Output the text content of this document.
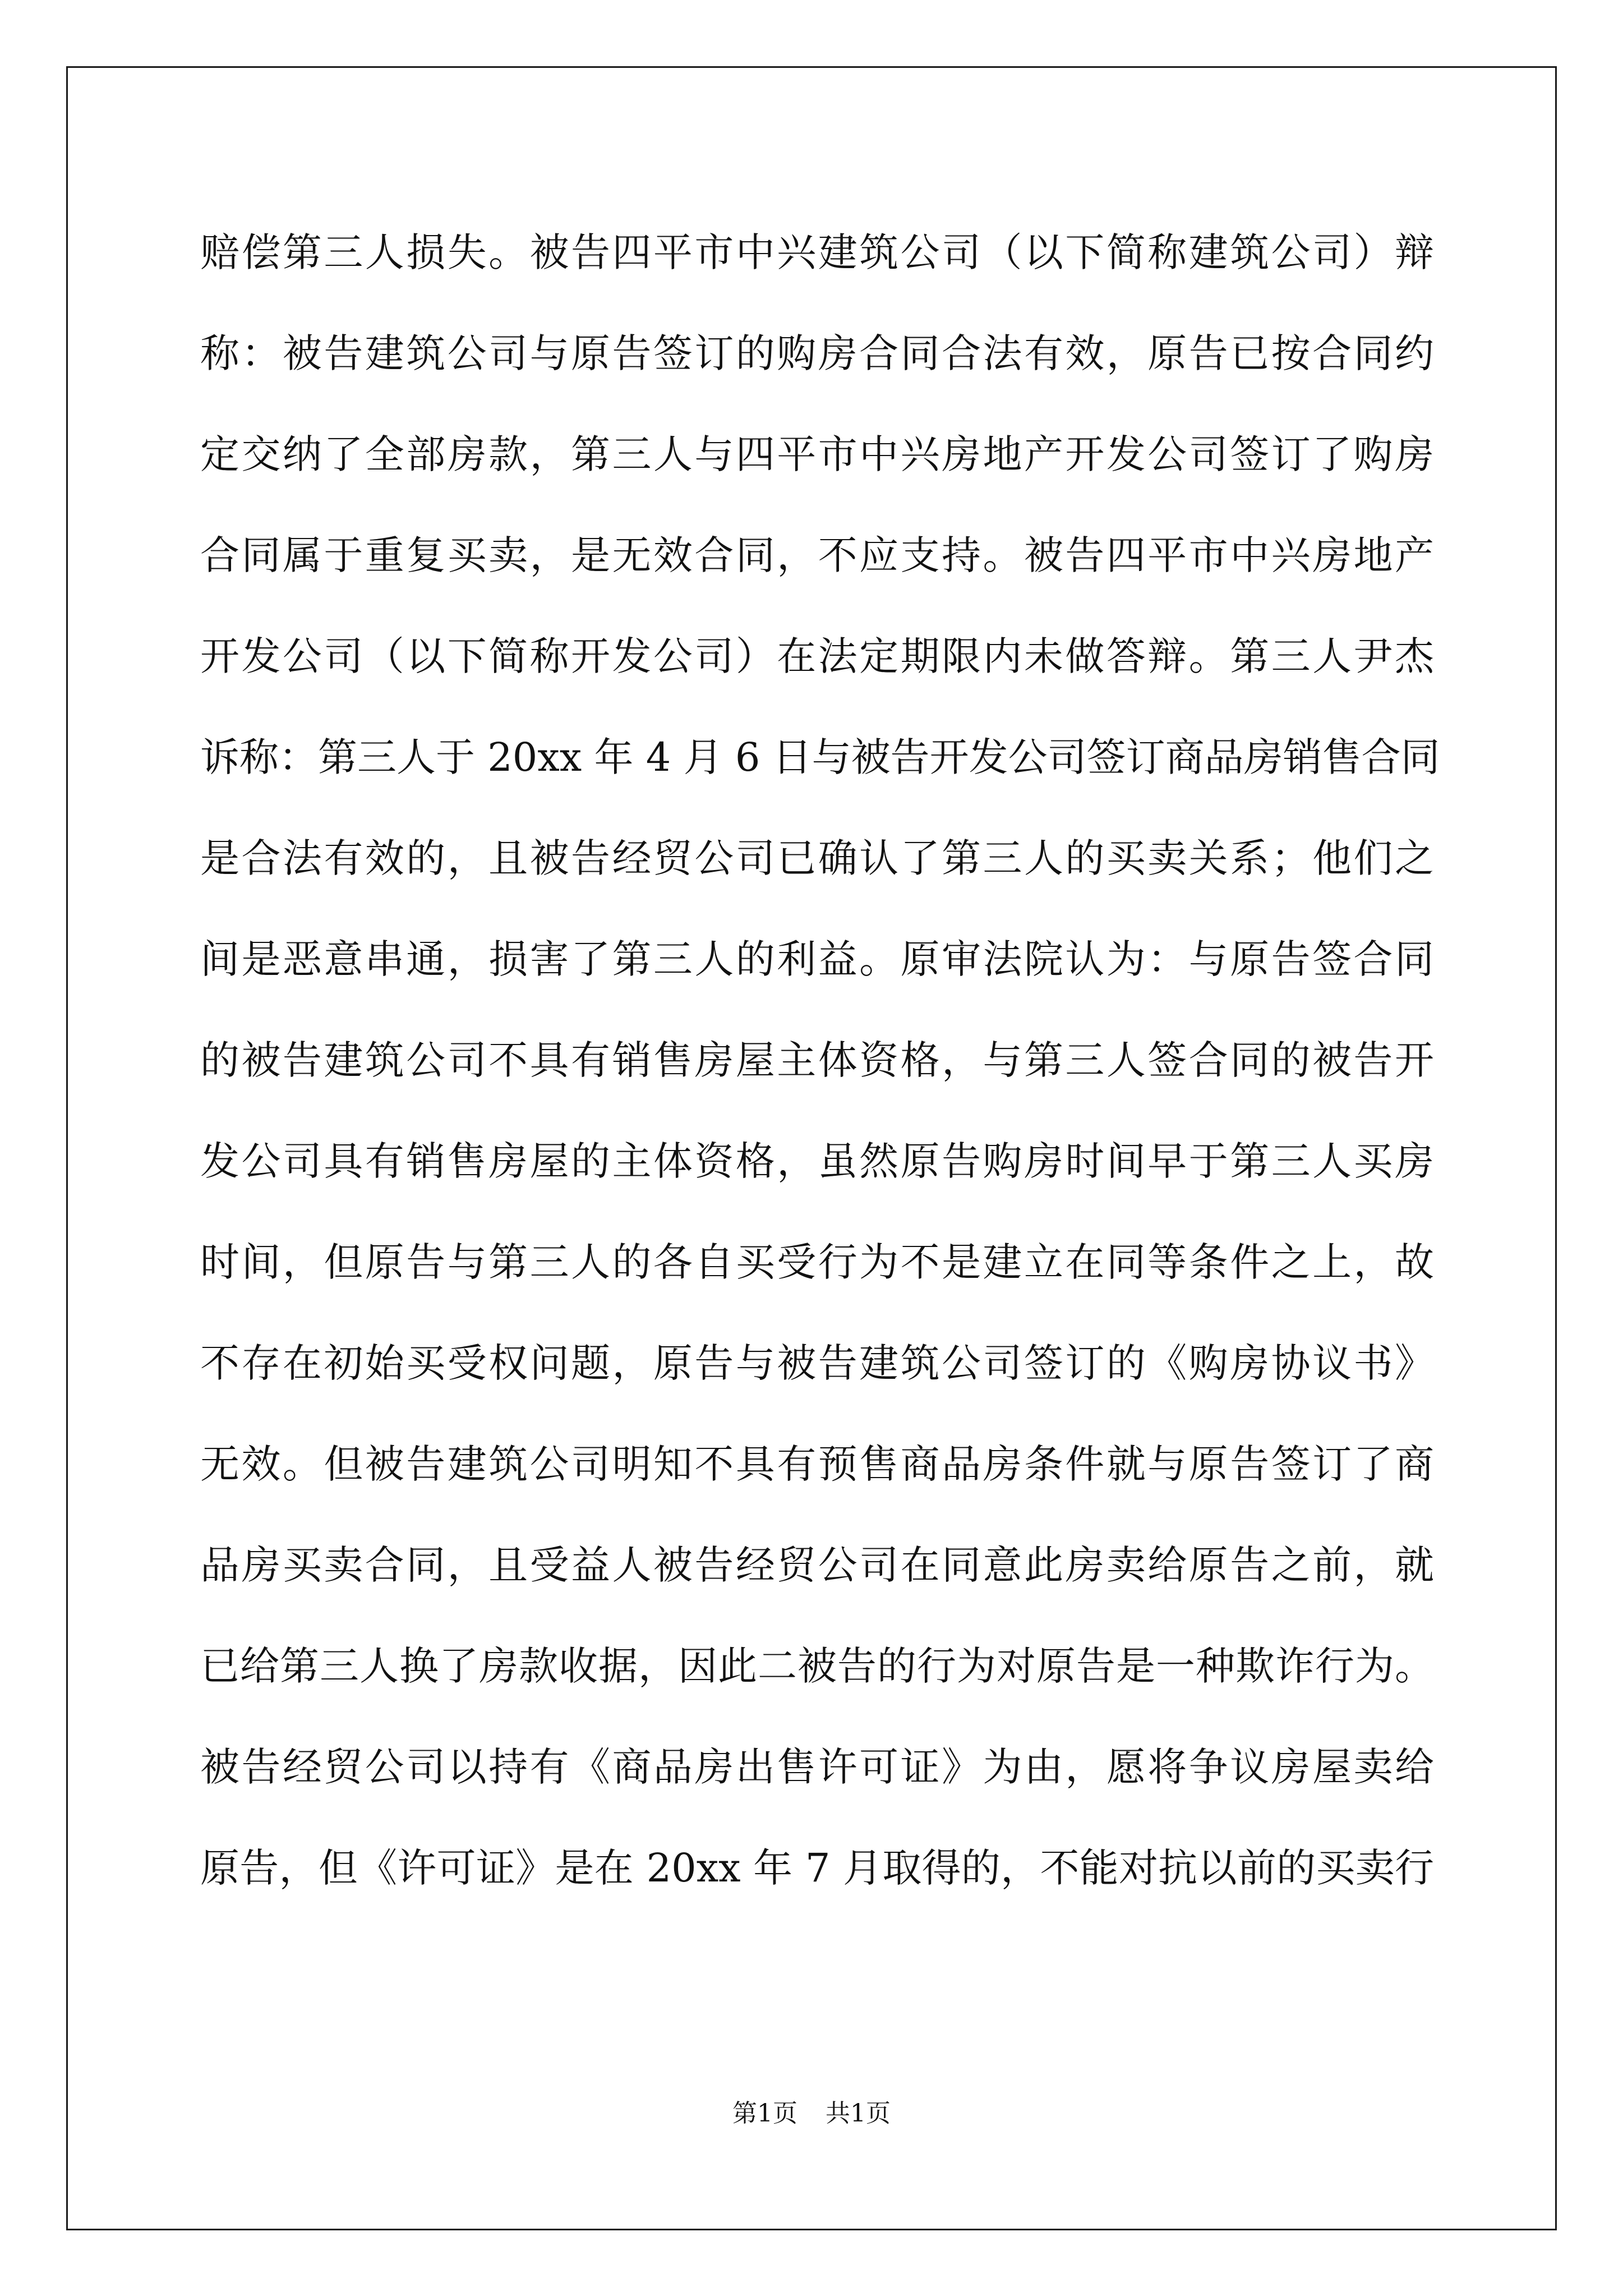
赔偿第三人损失。被告四平市中兴建筑公司（以下简称建筑公司）辩
称：被告建筑公司与原告签订的购房合同合法有效，原告已按合同约
定交纳了全部房款，第三人与四平市中兴房地产开发公司签订了购房
合同属于重复买卖，是无效合同，不应支持。被告四平市中兴房地产
开发公司（以下简称开发公司）在法定期限内未做答辩。第三人尹杰
诉称：第三人于 20xx 年 4 月 6 日与被告开发公司签订商品房销售合同
是合法有效的，且被告经贸公司已确认了第三人的买卖关系；他们之
间是恶意串通，损害了第三人的利益。原审法院认为：与原告签合同
的被告建筑公司不具有销售房屋主体资格，与第三人签合同的被告开
发公司具有销售房屋的主体资格，虽然原告购房时间早于第三人买房
时间，但原告与第三人的各自买受行为不是建立在同等条件之上，故
不存在初始买受权问题，原告与被告建筑公司签订的《购房协议书》
无效。但被告建筑公司明知不具有预售商品房条件就与原告签订了商
品房买卖合同，且受益人被告经贸公司在同意此房卖给原告之前，就
已给第三人换了房款收据，因此二被告的行为对原告是一种欺诈行为。
被告经贸公司以持有《商品房出售许可证》为由，愿将争议房屋卖给
原告，但《许可证》是在 20xx 年 7 月取得的，不能对抗以前的买卖行
第1页 共1页
